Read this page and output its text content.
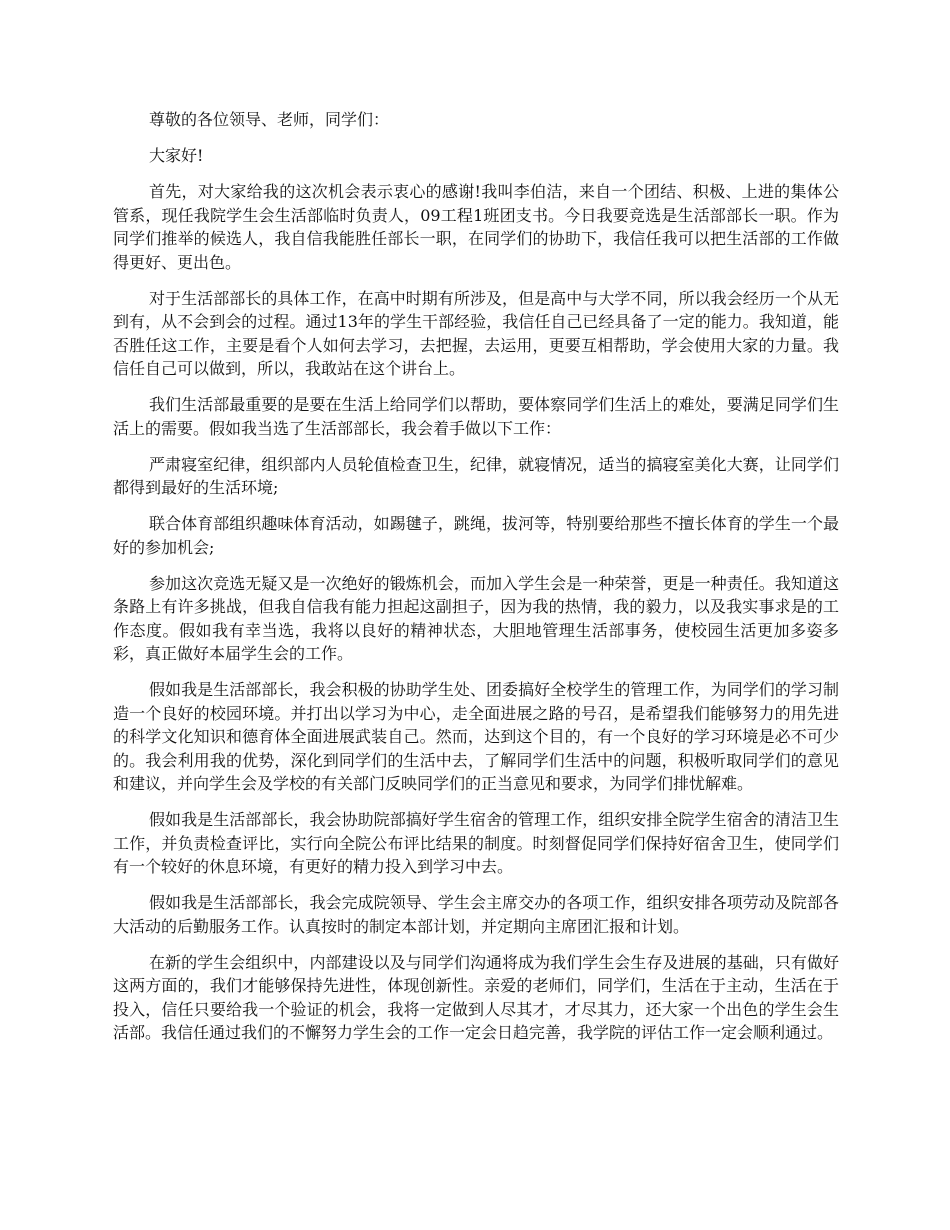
尊敬的各位领导、老师，同学们：

大家好!

首先，对大家给我的这次机会表示衷心的感谢!我叫李伯洁，来自一个团结、积极、上进的集体公管系，现任我院学生会生活部临时负责人，09工程1班团支书。今日我要竞选是生活部部长一职。作为同学们推举的候选人，我自信我能胜任部长一职，在同学们的协助下，我信任我可以把生活部的工作做得更好、更出色。

对于生活部部长的具体工作，在高中时期有所涉及，但是高中与大学不同，所以我会经历一个从无到有，从不会到会的过程。通过13年的学生干部经验，我信任自己已经具备了一定的能力。我知道，能否胜任这工作，主要是看个人如何去学习，去把握，去运用，更要互相帮助，学会使用大家的力量。我信任自己可以做到，所以，我敢站在这个讲台上。

我们生活部最重要的是要在生活上给同学们以帮助，要体察同学们生活上的难处，要满足同学们生活上的需要。假如我当选了生活部部长，我会着手做以下工作：

严肃寝室纪律，组织部内人员轮值检查卫生，纪律，就寝情况，适当的搞寝室美化大赛，让同学们都得到最好的生活环境;

联合体育部组织趣味体育活动，如踢毽子，跳绳，拔河等，特别要给那些不擅长体育的学生一个最好的参加机会;

参加这次竞选无疑又是一次绝好的锻炼机会，而加入学生会是一种荣誉，更是一种责任。我知道这条路上有许多挑战，但我自信我有能力担起这副担子，因为我的热情，我的毅力，以及我实事求是的工作态度。假如我有幸当选，我将以良好的精神状态，大胆地管理生活部事务，使校园生活更加多姿多彩，真正做好本届学生会的工作。

假如我是生活部部长，我会积极的协助学生处、团委搞好全校学生的管理工作，为同学们的学习制造一个良好的校园环境。并打出以学习为中心，走全面进展之路的号召，是希望我们能够努力的用先进的科学文化知识和德育体全面进展武装自己。然而，达到这个目的，有一个良好的学习环境是必不可少的。我会利用我的优势，深化到同学们的生活中去，了解同学们生活中的问题，积极听取同学们的意见和建议，并向学生会及学校的有关部门反映同学们的正当意见和要求，为同学们排忧解难。

假如我是生活部部长，我会协助院部搞好学生宿舍的管理工作，组织安排全院学生宿舍的清洁卫生工作，并负责检查评比，实行向全院公布评比结果的制度。时刻督促同学们保持好宿舍卫生，使同学们有一个较好的休息环境，有更好的精力投入到学习中去。

假如我是生活部部长，我会完成院领导、学生会主席交办的各项工作，组织安排各项劳动及院部各大活动的后勤服务工作。认真按时的制定本部计划，并定期向主席团汇报和计划。

在新的学生会组织中，内部建设以及与同学们沟通将成为我们学生会生存及进展的基础，只有做好这两方面的，我们才能够保持先进性，体现创新性。亲爱的老师们，同学们，生活在于主动，生活在于投入，信任只要给我一个验证的机会，我将一定做到人尽其才，才尽其力，还大家一个出色的学生会生活部。我信任通过我们的不懈努力学生会的工作一定会日趋完善，我学院的评估工作一定会顺利通过。
